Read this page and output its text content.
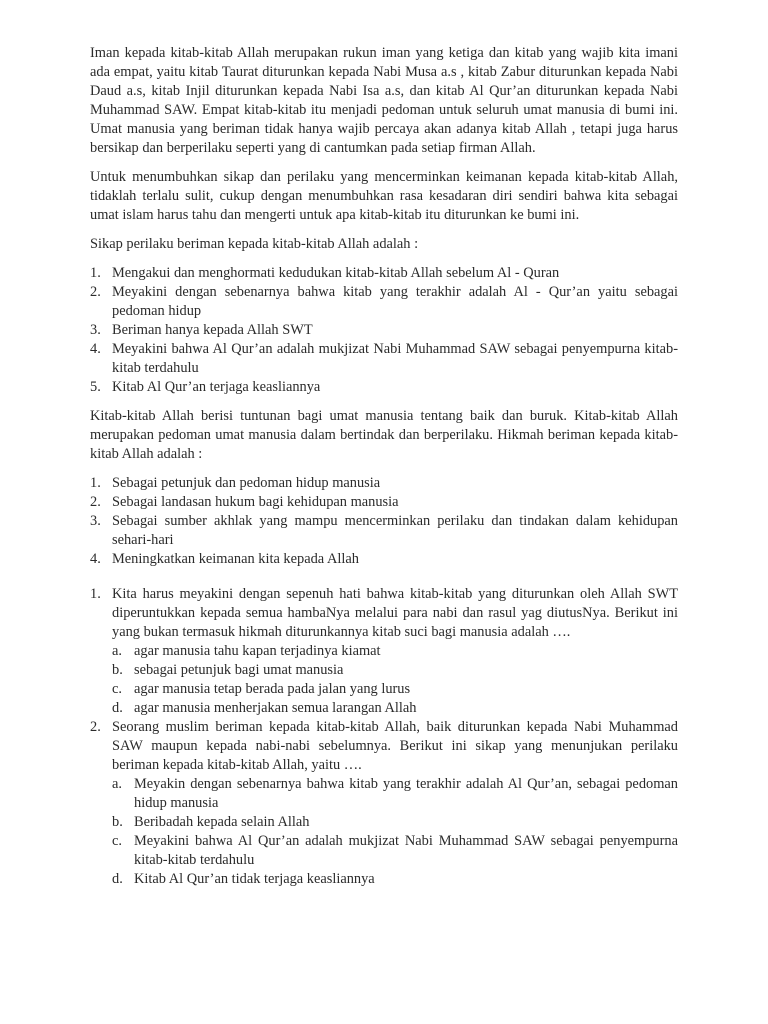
Iman kepada kitab-kitab Allah merupakan rukun iman yang ketiga dan kitab yang wajib kita imani ada empat, yaitu kitab Taurat diturunkan kepada Nabi Musa a.s , kitab Zabur diturunkan kepada Nabi Daud a.s, kitab Injil diturunkan kepada Nabi Isa a.s, dan kitab Al Qur’an diturunkan kepada Nabi Muhammad SAW. Empat kitab-kitab itu menjadi pedoman untuk seluruh umat manusia di bumi ini. Umat manusia yang beriman tidak hanya wajib percaya akan adanya kitab Allah , tetapi juga harus bersikap dan berperilaku seperti yang di cantumkan pada setiap firman Allah.

Untuk menumbuhkan sikap dan perilaku yang mencerminkan keimanan kepada kitab-kitab Allah, tidaklah terlalu sulit, cukup dengan menumbuhkan rasa kesadaran diri sendiri bahwa kita sebagai umat islam harus tahu dan mengerti untuk apa kitab-kitab itu diturunkan ke bumi ini.

Sikap perilaku beriman kepada kitab-kitab Allah adalah :

1. Mengakui dan menghormati kedudukan kitab-kitab Allah sebelum Al - Quran
2. Meyakini dengan sebenarnya bahwa kitab yang terakhir adalah Al - Qur’an yaitu sebagai pedoman hidup
3. Beriman hanya kepada Allah SWT
4. Meyakini bahwa Al Qur’an adalah mukjizat Nabi Muhammad SAW sebagai penyempurna kitab-kitab terdahulu
5. Kitab Al Qur’an terjaga keasliannya

Kitab-kitab Allah berisi tuntunan bagi umat manusia tentang baik dan buruk. Kitab-kitab Allah merupakan pedoman umat manusia dalam bertindak dan berperilaku. Hikmah beriman kepada kitab-kitab Allah adalah :

1. Sebagai petunjuk dan pedoman hidup manusia
2. Sebagai landasan hukum bagi kehidupan manusia
3. Sebagai sumber akhlak yang mampu mencerminkan perilaku dan tindakan dalam kehidupan sehari-hari
4. Meningkatkan keimanan kita kepada Allah
1. Kita harus meyakini dengan sepenuh hati bahwa kitab-kitab yang diturunkan oleh Allah SWT diperuntukkan kepada semua hambaNya melalui para nabi dan rasul yag diutusNya. Berikut ini yang bukan termasuk hikmah diturunkannya kitab suci bagi manusia adalah ….
a. agar manusia tahu kapan terjadinya kiamat
b. sebagai petunjuk bagi umat manusia
c. agar manusia tetap berada pada jalan yang lurus
d. agar manusia menherjakan semua larangan Allah
2. Seorang muslim beriman kepada kitab-kitab Allah, baik diturunkan kepada Nabi Muhammad SAW maupun kepada nabi-nabi sebelumnya. Berikut ini sikap yang menunjukan perilaku beriman kepada kitab-kitab Allah, yaitu ….
a. Meyakin dengan sebenarnya bahwa kitab yang terakhir adalah Al Qur’an, sebagai pedoman hidup manusia
b. Beribadah kepada selain Allah
c. Meyakini bahwa Al Qur’an adalah mukjizat Nabi Muhammad SAW sebagai penyempurna kitab-kitab terdahulu
d. Kitab Al Qur’an tidak terjaga keasliannya
